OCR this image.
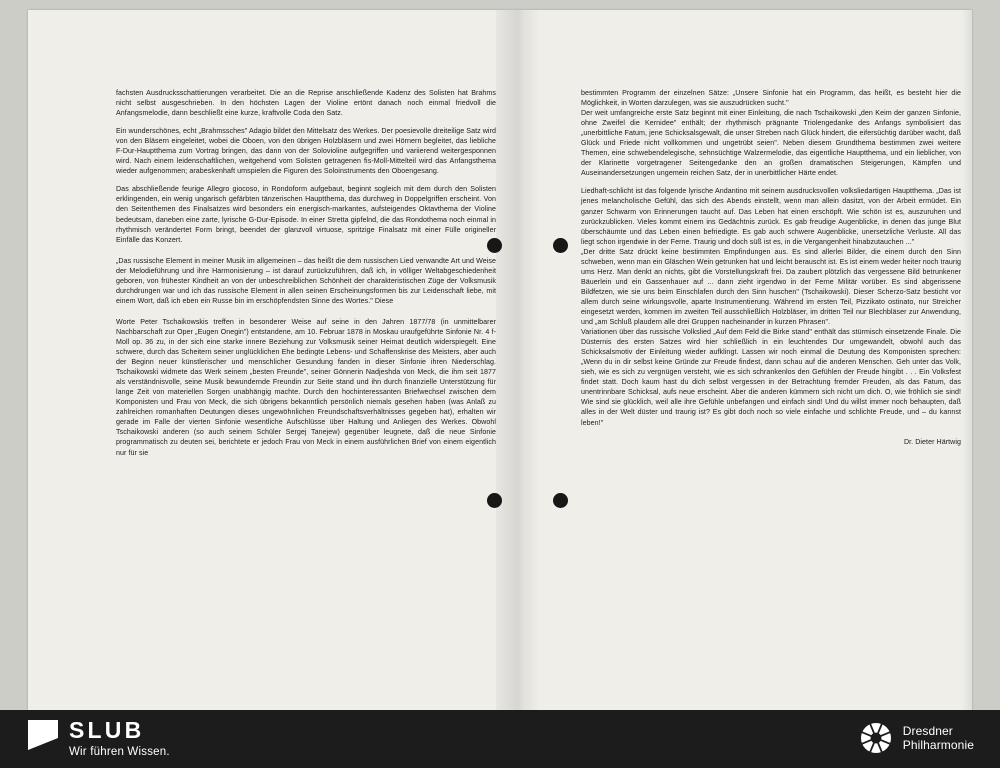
fachsten Ausdrucksschattierungen verarbeitet. Die an die Reprise anschließende Kadenz des Solisten hat Brahms nicht selbst ausgeschrieben. In den höchsten Lagen der Violine ertönt danach noch einmal friedvoll die Anfangsmelodie, dann beschließt eine kurze, kraftvolle Coda den Satz.

Ein wunderschönes, echt „Brahmssches" Adagio bildet den Mittelsatz des Werkes. Der poesievolle dreiteilige Satz wird von den Bläsern eingeleitet, wobei die Oboen, von den übrigen Holzbläsern und zwei Hörnern begleitet, das liebliche F-Dur-Hauptthema zum Vortrag bringen, das dann von der Solovioline aufgegriffen und variierend weitergesponnen wird. Nach einem leidenschaftlichen, weitgehend vom Solisten getragenen fis-Moll-Mittelteil wird das Anfangsthema wieder aufgenommen; arabeskenhaft umspielen die Figuren des Soloinstruments den Oboengesang.

Das abschließende feurige Allegro giocoso, in Rondoform aufgebaut, beginnt sogleich mit dem durch den Solisten erklingenden, ein wenig ungarisch gefärbten tänzerischen Hauptthema, das durchweg in Doppelgriffen erscheint. Von den Seitenthemen des Finalsatzes wird besonders ein energisch-markantes, aufsteigendes Oktavthema der Violine bedeutsam, daneben eine zarte, lyrische G-Dur-Episode. In einer Stretta gipfelnd, die das Rondothema noch einmal in rhythmisch verändertet Form bringt, beendet der glanzvoll virtuose, spritzige Finalsatz mit einer Fülle origineller Einfälle das Konzert.

„Das russische Element in meiner Musik im allgemeinen – das heißt die dem russischen Lied verwandte Art und Weise der Melodieführung und ihre Harmonisierung – ist darauf zurückzuführen, daß ich, in völliger Weltabgeschiedenheit geboren, von frühester Kindheit an von der unbeschreiblichen Schönheit der charakteristischen Züge der Volksmusik durchdrungen war und ich das russische Element in allen seinen Erscheinungsformen bis zur Leidenschaft liebe, mit einem Wort, daß ich eben ein Russe bin im erschöpfendsten Sinne des Wortes." Diese

Worte Peter Tschaikowskis treffen in besonderer Weise auf seine in den Jahren 1877/78 (in unmittelbarer Nachbarschaft zur Oper „Eugen Onegin") entstandene, am 10. Februar 1878 in Moskau uraufgeführte Sinfonie Nr. 4 f-Moll op. 36 zu, in der sich eine starke innere Beziehung zur Volksmusik seiner Heimat deutlich widerspiegelt. Eine schwere, durch das Scheitern seiner unglücklichen Ehe bedingte Lebens- und Schaffenskrise des Meisters, aber auch der Beginn neuer künstlerischer und menschlicher Gesundung fanden in dieser Sinfonie ihren Niederschlag. Tschaikowski widmete das Werk seinem „besten Freunde", seiner Gönnerin Nadjeshda von Meck, die ihm seit 1877 als verständnisvolle, seine Musik bewundernde Freundin zur Seite stand und ihn durch finanzielle Unterstützung für lange Zeit von materiellen Sorgen unabhängig machte. Durch den hochinteressanten Briefwechsel zwischen dem Komponisten und Frau von Meck, die sich übrigens bekanntlich persönlich niemals gesehen haben (was Anlaß zu zahlreichen romanhaften Deutungen dieses ungewöhnlichen Freundschaftsverhältnisses gegeben hat), erhalten wir gerade im Falle der vierten Sinfonie wesentliche Aufschlüsse über Haltung und Anliegen des Werkes. Obwohl Tschaikowski anderen (so auch seinem Schüler Sergej Tanejew) gegenüber leugnete, daß die neue Sinfonie programmatisch zu deuten sei, berichtete er jedoch Frau von Meck in einem ausführlichen Brief von einem eigentlich nur für sie

bestimmten Programm der einzelnen Sätze: „Unsere Sinfonie hat ein Programm, das heißt, es besteht hier die Möglichkeit, in Worten darzulegen, was sie auszudrücken sucht."

Der weit umfangreiche erste Satz beginnt mit einer Einleitung, die nach Tschaikowski „den Keim der ganzen Sinfonie, ohne Zweifel die Kernidee" enthält; der rhythmisch prägnante Triolengedanke des Anfangs symbolisiert das „unerbittliche Fatum, jene Schicksalsgewalt, die unser Streben nach Glück hindert, die eifersüchtig darüber wacht, daß Glück und Friede nicht vollkommen und ungetrübt seien". Neben diesem Grundthema bestimmen zwei weitere Themen, eine schwebendelegische, sehnsüchtige Walzermelodie, das eigentliche Hauptthema, und ein lieblicher, von der Klarinette vorgetragener Seitengedanke den an großen dramatischen Steigerungen, Kämpfen und Auseinandersetzungen ungemein reichen Satz, der in unerbittlicher Härte endet.

Liedhaft-schlicht ist das folgende lyrische Andantino mit seinem ausdrucksvollen volksliedartigen Hauptthema. „Das ist jenes melancholische Gefühl, das sich des Abends einstellt, wenn man allein dasitzt, von der Arbeit ermüdet. Ein ganzer Schwarm von Erinnerungen taucht auf. Das Leben hat einen erschöpft. Wie schön ist es, auszuruhen und zurückzublicken. Vieles kommt einem ins Gedächtnis zurück. Es gab freudige Augenblicke, in denen das junge Blut überschäumte und das Leben einen befriedigte. Es gab auch schwere Augenblicke, unersetzliche Verluste. All das liegt schon irgendwie in der Ferne. Traurig und doch süß ist es, in die Vergangenheit hinabzutauchen ..."

„Der dritte Satz drückt keine bestimmten Empfindungen aus. Es sind allerlei Bilder, die einem durch den Sinn schweben, wenn man ein Gläschen Wein getrunken hat und leicht berauscht ist. Es ist einem weder heiter noch traurig ums Herz. Man denkt an nichts, gibt die Vorstellungskraft frei. Da zaubert plötzlich das vergessene Bild betrunkener Bäuerlein und ein Gassenhauer auf ... dann zieht irgendwo in der Ferne Militär vorüber. Es sind abgerissene Bildfetzen, wie sie uns beim Einschlafen durch den Sinn huschen" (Tschaikowski). Dieser Scherzo-Satz besticht vor allem durch seine wirkungsvolle, aparte Instrumentierung. Während im ersten Teil, Pizzikato ostinato, nur Streicher eingesetzt werden, kommen im zweiten Teil ausschließlich Holzbläser, im dritten Teil nur Blechbläser zur Anwendung, und „am Schluß plaudern alle drei Gruppen nacheinander in kurzen Phrasen".

Variationen über das russische Volkslied „Auf dem Feld die Birke stand" enthält das stürmisch einsetzende Finale. Die Düsternis des ersten Satzes wird hier schließlich in ein leuchtendes Dur umgewandelt, obwohl auch das Schicksalsmotiv der Einleitung wieder aufklingt. Lassen wir noch einmal die Deutung des Komponisten sprechen: „Wenn du in dir selbst keine Gründe zur Freude findest, dann schau auf die anderen Menschen. Geh unter das Volk, sieh, wie es sich zu vergnügen versteht, wie es sich schrankenlos den Gefühlen der Freude hingibt . . . Ein Volksfest findet statt. Doch kaum hast du dich selbst vergessen in der Betrachtung fremder Freuden, als das Fatum, das unentrinnbare Schicksal, aufs neue erscheint. Aber die anderen kümmern sich nicht um dich. O, wie fröhlich sie sind! Wie sind sie glücklich, weil alle ihre Gefühle unbefangen und einfach sind! Und du willst immer noch behaupten, daß alles in der Welt düster und traurig ist? Es gibt doch noch so viele einfache und schlichte Freude, und – du kannst leben!"

Dr. Dieter Härtwig
SLUB
Wir führen Wissen.
Dresdner
Philharmonie
